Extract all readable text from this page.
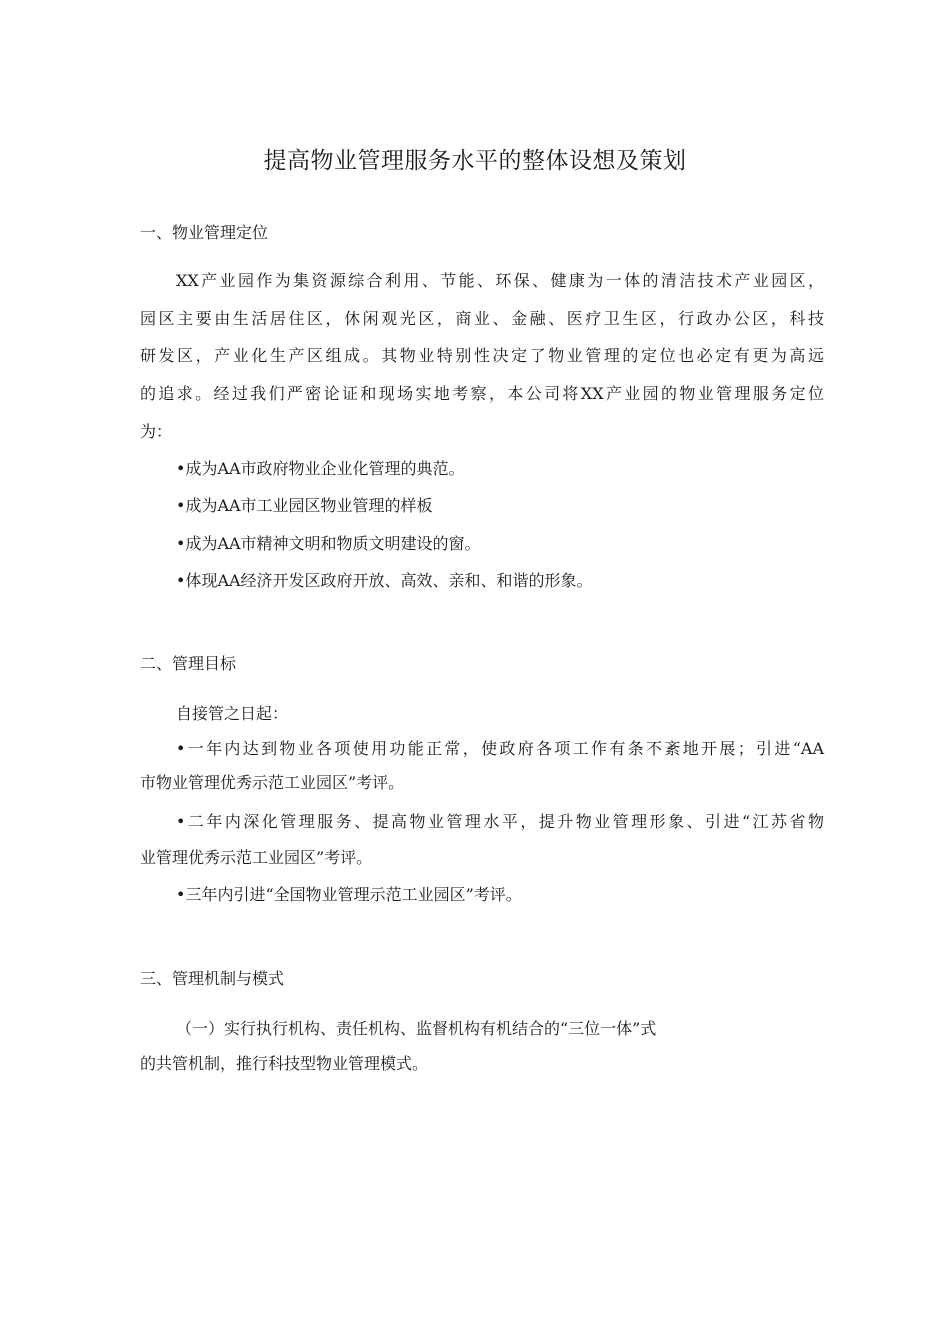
提高物业管理服务水平的整体设想及策划
一、物业管理定位
XX产业园作为集资源综合利用、节能、环保、健康为一体的清洁技术产业园区，
园区主要由生活居住区，休闲观光区，商业、金融、医疗卫生区，行政办公区，科技
研发区，产业化生产区组成。其物业特别性决定了物业管理的定位也必定有更为高远
的追求。经过我们严密论证和现场实地考察，本公司将XX产业园的物业管理服务定位
为：
•成为AA市政府物业企业化管理的典范。
•成为AA市工业园区物业管理的样板
•成为AA市精神文明和物质文明建设的窗。
•体现AA经济开发区政府开放、高效、亲和、和谐的形象。
二、管理目标
自接管之日起：
•一年内达到物业各项使用功能正常，使政府各项工作有条不紊地开展；引进“AA
市物业管理优秀示范工业园区”考评。
•二年内深化管理服务、提高物业管理水平，提升物业管理形象、引进“江苏省物
业管理优秀示范工业园区”考评。
•三年内引进“全国物业管理示范工业园区”考评。
三、管理机制与模式
（一）实行执行机构、责任机构、监督机构有机结合的“三位一体”式
的共管机制，推行科技型物业管理模式。
